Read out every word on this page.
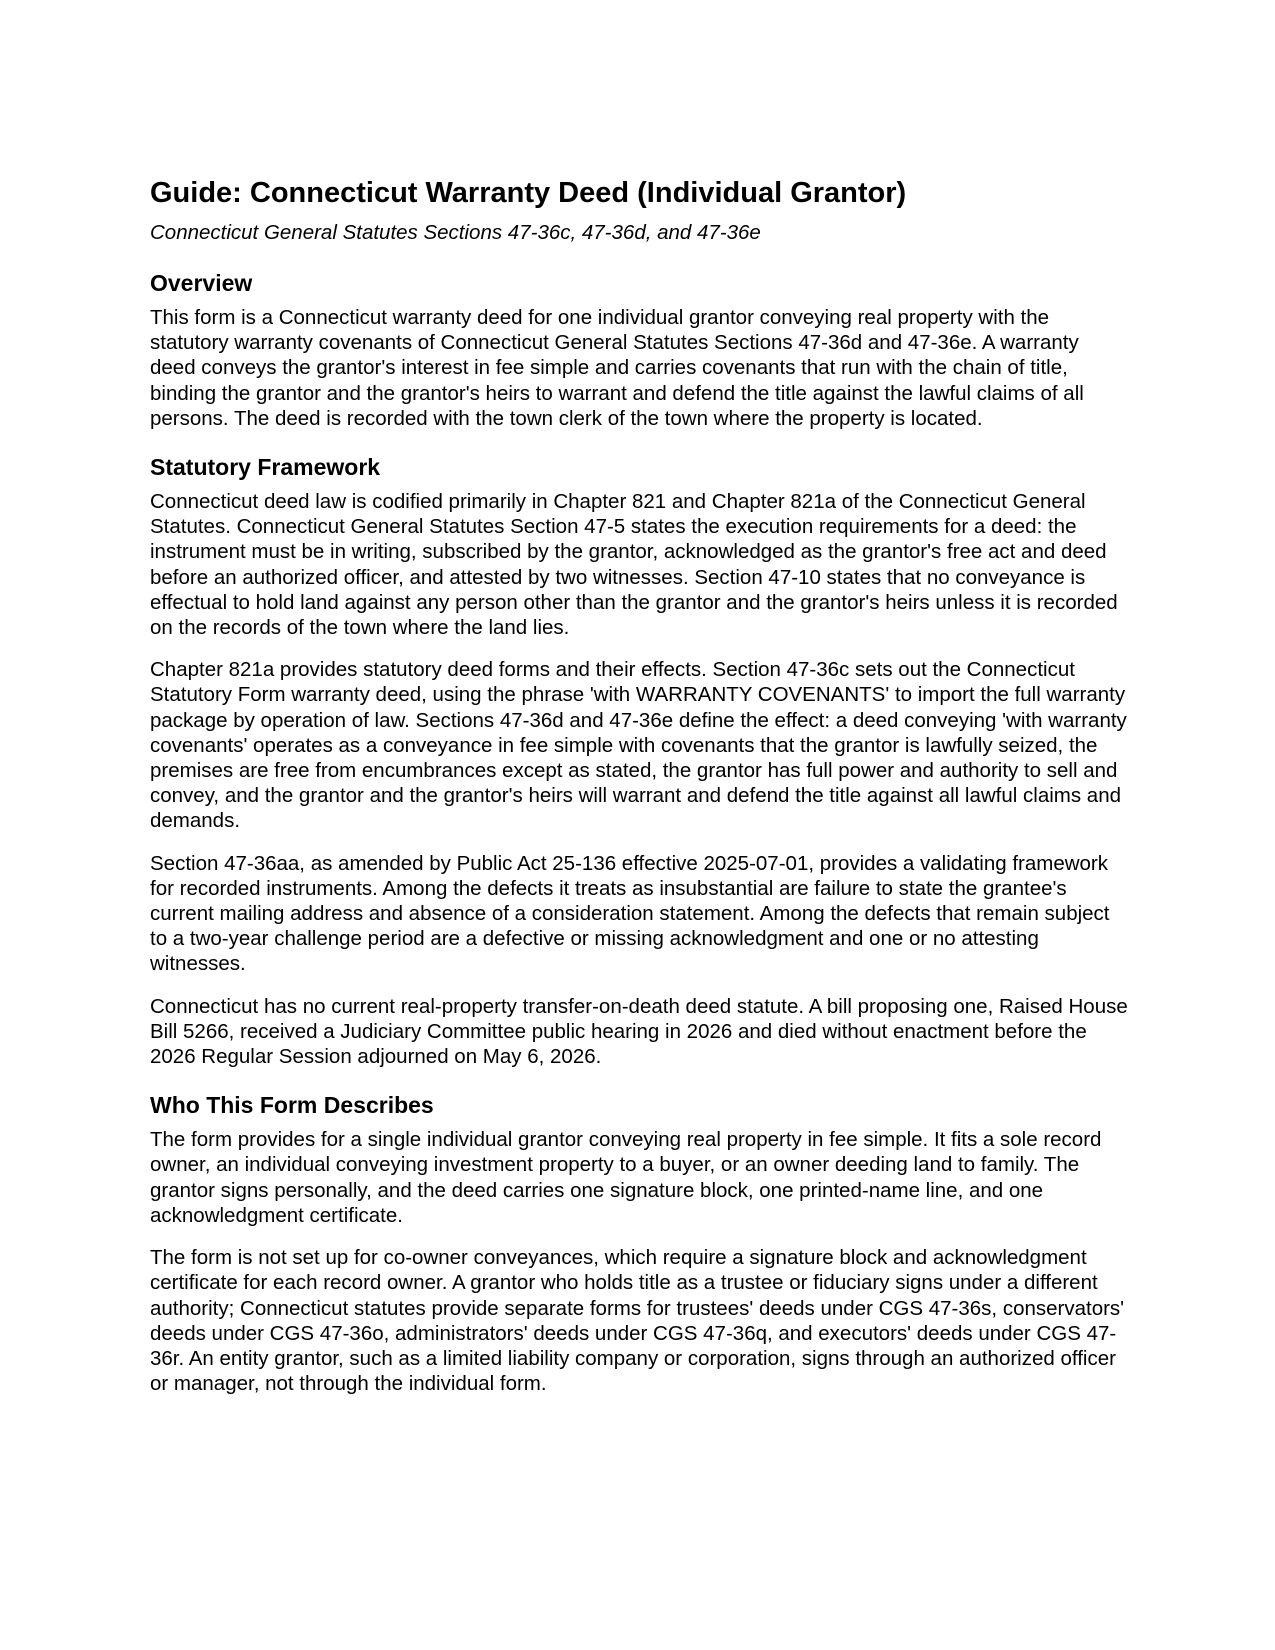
Guide: Connecticut Warranty Deed (Individual Grantor)

Connecticut General Statutes Sections 47-36c, 47-36d, and 47-36e

Overview

This form is a Connecticut warranty deed for one individual grantor conveying real property with the statutory warranty covenants of Connecticut General Statutes Sections 47-36d and 47-36e. A warranty deed conveys the grantor's interest in fee simple and carries covenants that run with the chain of title, binding the grantor and the grantor's heirs to warrant and defend the title against the lawful claims of all persons. The deed is recorded with the town clerk of the town where the property is located.

Statutory Framework

Connecticut deed law is codified primarily in Chapter 821 and Chapter 821a of the Connecticut General Statutes. Connecticut General Statutes Section 47-5 states the execution requirements for a deed: the instrument must be in writing, subscribed by the grantor, acknowledged as the grantor's free act and deed before an authorized officer, and attested by two witnesses. Section 47-10 states that no conveyance is effectual to hold land against any person other than the grantor and the grantor's heirs unless it is recorded on the records of the town where the land lies.

Chapter 821a provides statutory deed forms and their effects. Section 47-36c sets out the Connecticut Statutory Form warranty deed, using the phrase 'with WARRANTY COVENANTS' to import the full warranty package by operation of law. Sections 47-36d and 47-36e define the effect: a deed conveying 'with warranty covenants' operates as a conveyance in fee simple with covenants that the grantor is lawfully seized, the premises are free from encumbrances except as stated, the grantor has full power and authority to sell and convey, and the grantor and the grantor's heirs will warrant and defend the title against all lawful claims and demands.

Section 47-36aa, as amended by Public Act 25-136 effective 2025-07-01, provides a validating framework for recorded instruments. Among the defects it treats as insubstantial are failure to state the grantee's current mailing address and absence of a consideration statement. Among the defects that remain subject to a two-year challenge period are a defective or missing acknowledgment and one or no attesting witnesses.

Connecticut has no current real-property transfer-on-death deed statute. A bill proposing one, Raised House Bill 5266, received a Judiciary Committee public hearing in 2026 and died without enactment before the 2026 Regular Session adjourned on May 6, 2026.

Who This Form Describes

The form provides for a single individual grantor conveying real property in fee simple. It fits a sole record owner, an individual conveying investment property to a buyer, or an owner deeding land to family. The grantor signs personally, and the deed carries one signature block, one printed-name line, and one acknowledgment certificate.

The form is not set up for co-owner conveyances, which require a signature block and acknowledgment certificate for each record owner. A grantor who holds title as a trustee or fiduciary signs under a different authority; Connecticut statutes provide separate forms for trustees' deeds under CGS 47-36s, conservators' deeds under CGS 47-36o, administrators' deeds under CGS 47-36q, and executors' deeds under CGS 47-36r. An entity grantor, such as a limited liability company or corporation, signs through an authorized officer or manager, not through the individual form.
